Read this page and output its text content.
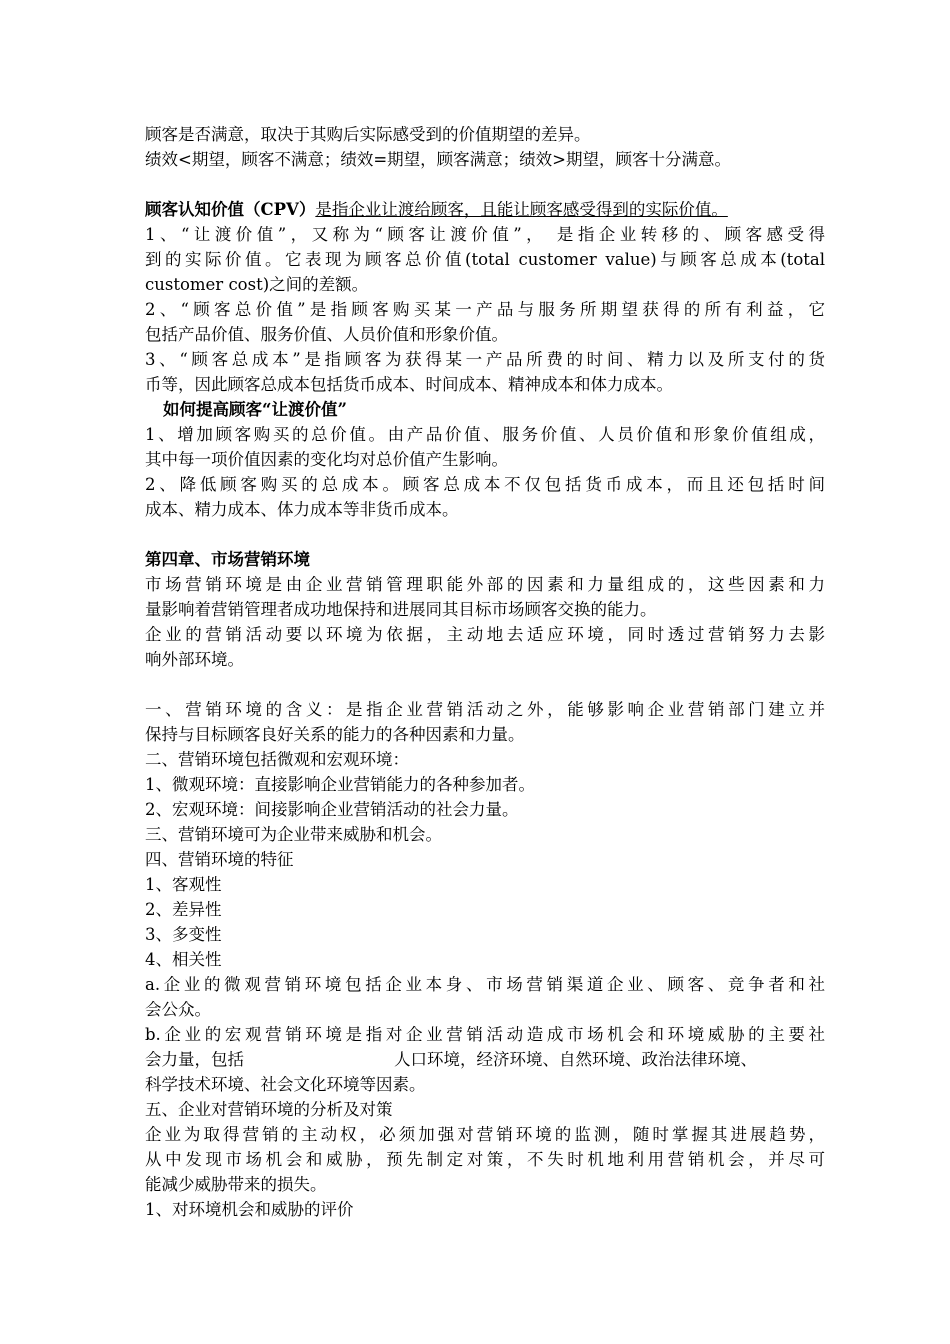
顾客是否满意，取决于其购后实际感受到的价值期望的差异。
绩效<期望，顾客不满意；绩效=期望，顾客满意；绩效>期望，顾客十分满意。
顾客认知价值（CPV）是指企业让渡给顾客，且能让顾客感受得到的实际价值。
1、“让渡价值”，又称为“顾客让渡价值”， 是指企业转移的、顾客感受得
到的实际价值。它表现为顾客总价值(total customer value)与顾客总成本(total
customer cost)之间的差额。
2、“顾客总价值”是指顾客购买某一产品与服务所期望获得的所有利益，它
包括产品价值、服务价值、人员价值和形象价值。
3、“顾客总成本”是指顾客为获得某一产品所费的时间、精力以及所支付的货
币等，因此顾客总成本包括货币成本、时间成本、精神成本和体力成本。
如何提高顾客“让渡价值”
1、增加顾客购买的总价值。由产品价值、服务价值、人员价值和形象价值组成，
其中每一项价值因素的变化均对总价值产生影响。
2、降低顾客购买的总成本。顾客总成本不仅包括货币成本，而且还包括时间
成本、精力成本、体力成本等非货币成本。
第四章、市场营销环境
市场营销环境是由企业营销管理职能外部的因素和力量组成的，这些因素和力
量影响着营销管理者成功地保持和进展同其目标市场顾客交换的能力。
企业的营销活动要以环境为依据，主动地去适应环境，同时透过营销努力去影
响外部环境。
一、营销环境的含义：是指企业营销活动之外，能够影响企业营销部门建立并
保持与目标顾客良好关系的能力的各种因素和力量。
二、营销环境包括微观和宏观环境：
1、微观环境：直接影响企业营销能力的各种参加者。
2、宏观环境：间接影响企业营销活动的社会力量。
三、营销环境可为企业带来威胁和机会。
四、营销环境的特征
1、客观性
2、差异性
3、多变性
4、相关性
a.企业的微观营销环境包括企业本身、市场营销渠道企业、顾客、竞争者和社
会公众。
b.企业的宏观营销环境是指对企业营销活动造成市场机会和环境威胁的主要社
会力量，包括	人口环境，经济环境、自然环境、政治法律环境、
科学技术环境、社会文化环境等因素。
五、企业对营销环境的分析及对策
企业为取得营销的主动权，必须加强对营销环境的监测，随时掌握其进展趋势，
从中发现市场机会和威胁，预先制定对策，不失时机地利用营销机会，并尽可
能减少威胁带来的损失。
1、对环境机会和威胁的评价
